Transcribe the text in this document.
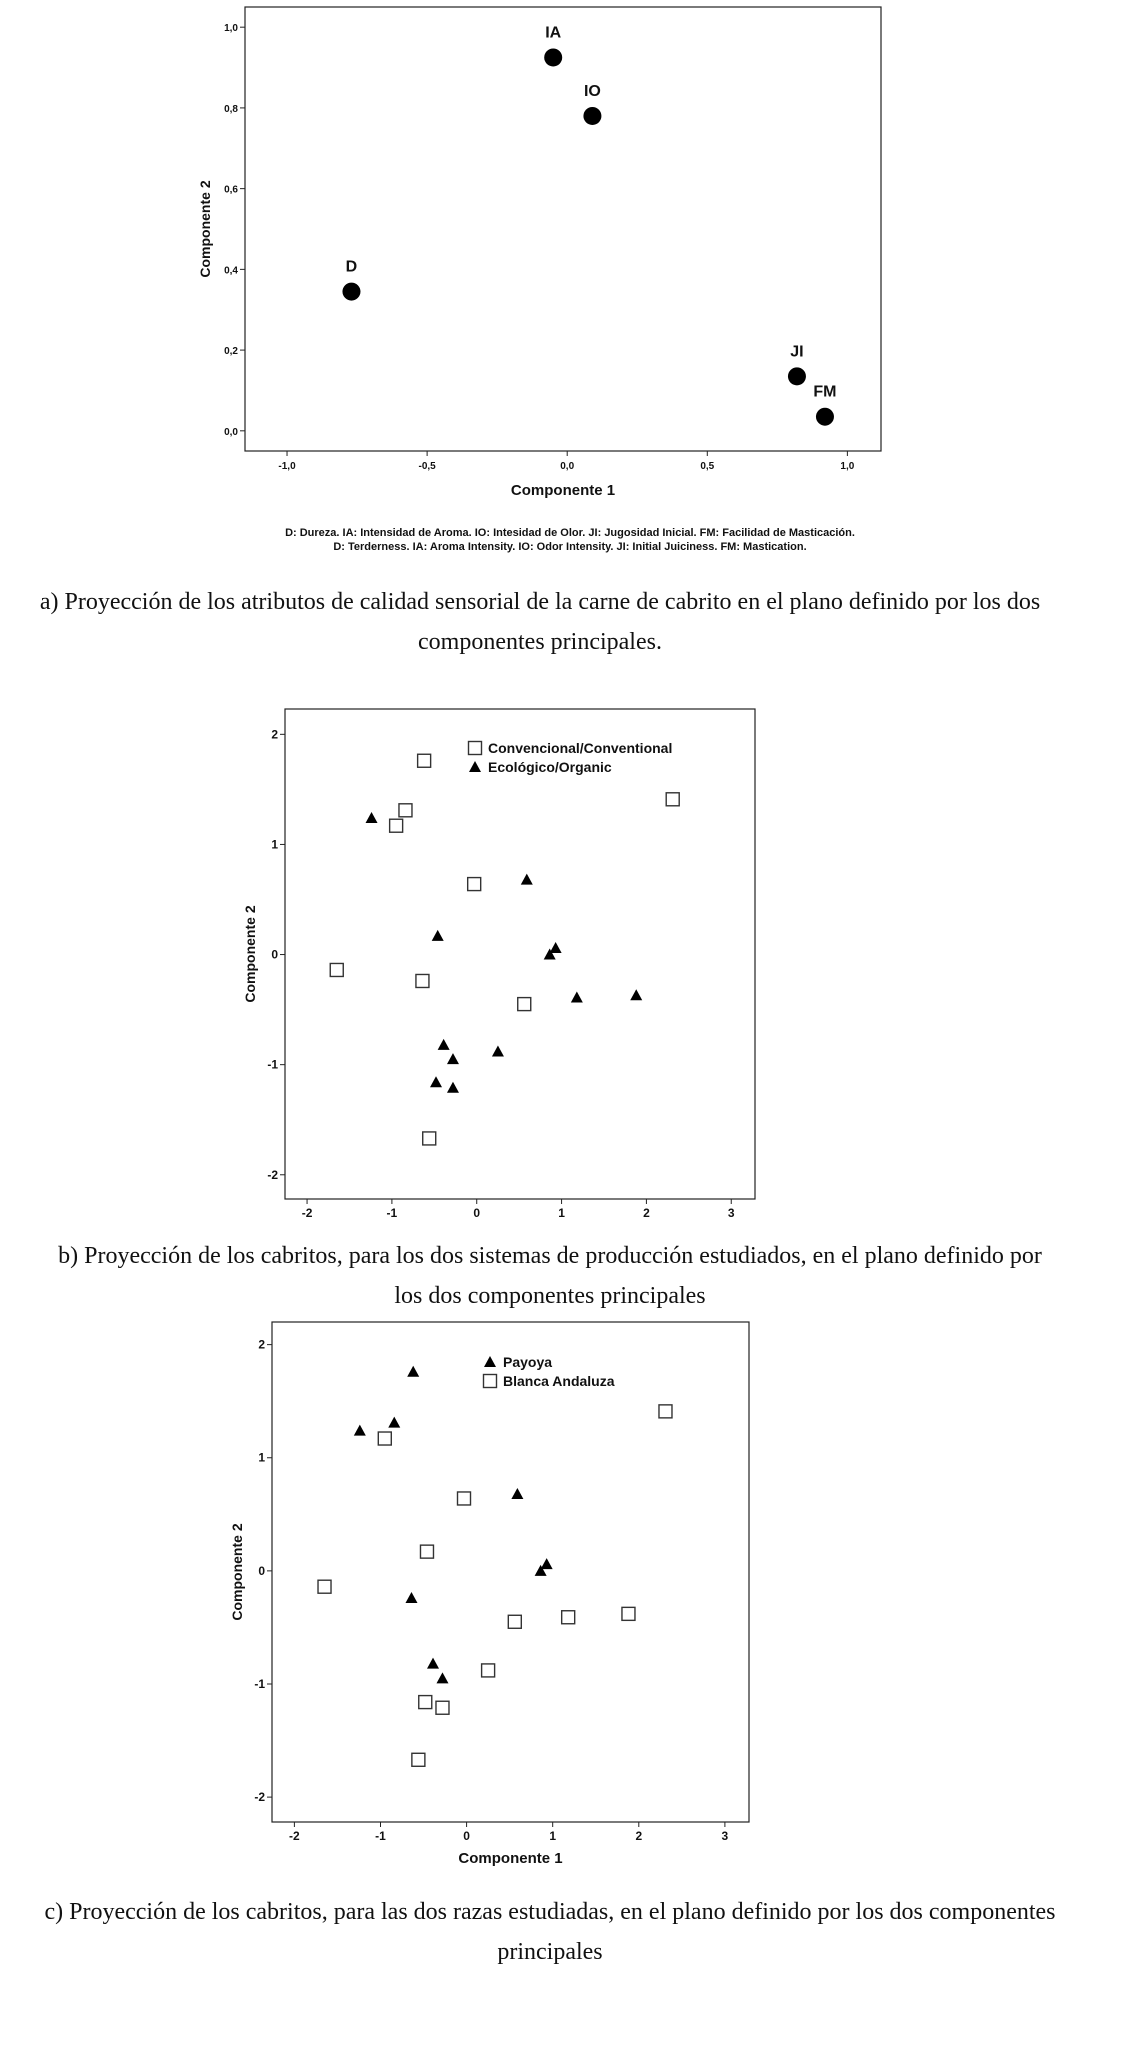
-1,0	-0,5	0,0	0,5	1,0
0,0
0,2
0,4
0,6
0,8
1,0
Componente 2
Componente 1
IA
IO
D
JI
FM
-2	-1	0	1	2	3
-2
-1
0
1
2
Componente 2
Convencional/Conventional
Ecológico/Organic
-2	-1	0	1	2	3
-2
-1
0
1
2
Componente 2
Componente 1
Payoya
Blanca Andaluza
D: Dureza. IA: Intensidad de Aroma. IO: Intesidad de Olor. JI: Jugosidad Inicial. FM: Facilidad de Masticación.
D: Terderness. IA: Aroma Intensity. IO: Odor Intensity. JI: Initial Juiciness. FM: Mastication.
a) Proyección de los atributos de calidad sensorial de la carne de cabrito en el plano definido por los dos componentes principales.
b) Proyección de los cabritos, para los dos sistemas de producción estudiados, en el plano definido por los dos componentes principales
c) Proyección de los cabritos, para las dos razas estudiadas, en el plano definido por los dos componentes principales
